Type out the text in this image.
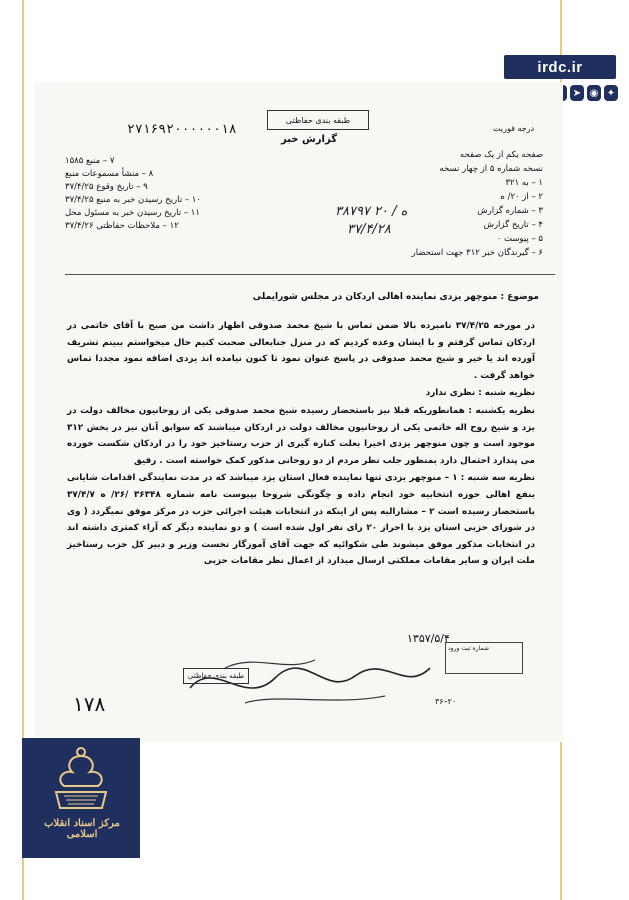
irdc.ir
➤ ◉ ✦
۲۷۱۶۹۲۰۰۰۰۰۰۱۸
طبقه بندی حفاظتی
درجه فوریت
گزارش خبر
۷ – منبع ۱۵۸۵
۸ – منشأ مسموعات منبع
۹ – تاریخ وقوع ۳۷/۴/۲۵
۱۰ – تاریخ رسیدن خبر به منبع ۳۷/۴/۲۵
۱۱ – تاریخ رسیدن خبر به مسئول محل
۱۲ – ملاحظات حفاظتی ۳۷/۴/۲۶
صفحه یکم از یک صفحه
نسخه شماره ۵ از چهار نسخه
۱ – به ۳۲۱
۲ – از ۲۰/ ه
۳ – شماره گزارش
۴ – تاریخ گزارش
۵ – پیوست ۰
۶ – گیرندگان خبر ۳۱۲ جهت استحضار
۳۸۷۹۷ ه / ۲۰
۳۷/۴/۲۸
موضوع : منوچهر یزدی نماینده اهالی اردکان در مجلس شورایملی

در مورخه ۳۷/۴/۲۵ نامبرده بالا ضمن تماس با شیخ محمد صدوقی اظهار داشت من صبح با آقای خاتمی در اردکان تماس گرفتم و با ایشان وعده کردیم که در منزل جنابعالی صحبت کنیم حال میخواستم ببینم تشریف آورده اند یا خیر و شیخ محمد صدوقی در پاسخ عنوان نمود تا کنون نیامده اند یزدی اضافه نمود مجددا تماس خواهد گرفت .

نظریه شنبه : نظری ندارد

نظریه یکشنبه : همانطوریکه قبلا نیز باستحضار رسیده شیخ محمد صدوقی یکی از روحانیون مخالف دولت در یزد و شیخ روح اله خاتمی یکی از روحانیون مخالف دولت در اردکان میباشند که سوابق آنان نیز در بخش ۳۱۲ موجود است و چون منوچهر یزدی اخیرا بعلت کناره گیری از حزب رستاخیز خود را در اردکان شکست خورده می پندارد احتمال دارد بمنظور جلب نظر مردم از دو روحانی مذکور کمک خواسته است . رفیق

نظریه سه شنبه : ۱ – منوچهر یزدی تنها نماینده فعال استان یزد میباشد که در مدت نمایندگی اقدامات شایانی بنفع اهالی حوزه انتخابیه خود انجام داده و چگونگی شروحا بپیوست نامه شماره ۳۶۳۴۸ /۲۶/ ه ۳۷/۴/۷ باستحضار رسیده است ۲ – مشارالیه پس از اینکه در انتخابات هیئت اجرائی حزب در مرکز موفق نمیگردد ( وی در شورای حزبی استان یزد با احراز ۲۰ رای نفر اول شده است ) و دو نماینده دیگر که آراء کمتری داشته اند در انتخابات مذکور موفق میشوند طی شکوائیه که جهت آقای آموزگار نخست وزیر و دبیر کل حزب رستاخیز ملت ایران و سایر مقامات مملکتی ارسال میدارد از اعمال نظر مقامات حزبی

۱۳۵۷/۵/۴
شماره ثبت ورود
طبقه بندی حفاظتی
۱۷۸	۳۶–۲۰
مرکز اسناد انقلاب اسلامی
